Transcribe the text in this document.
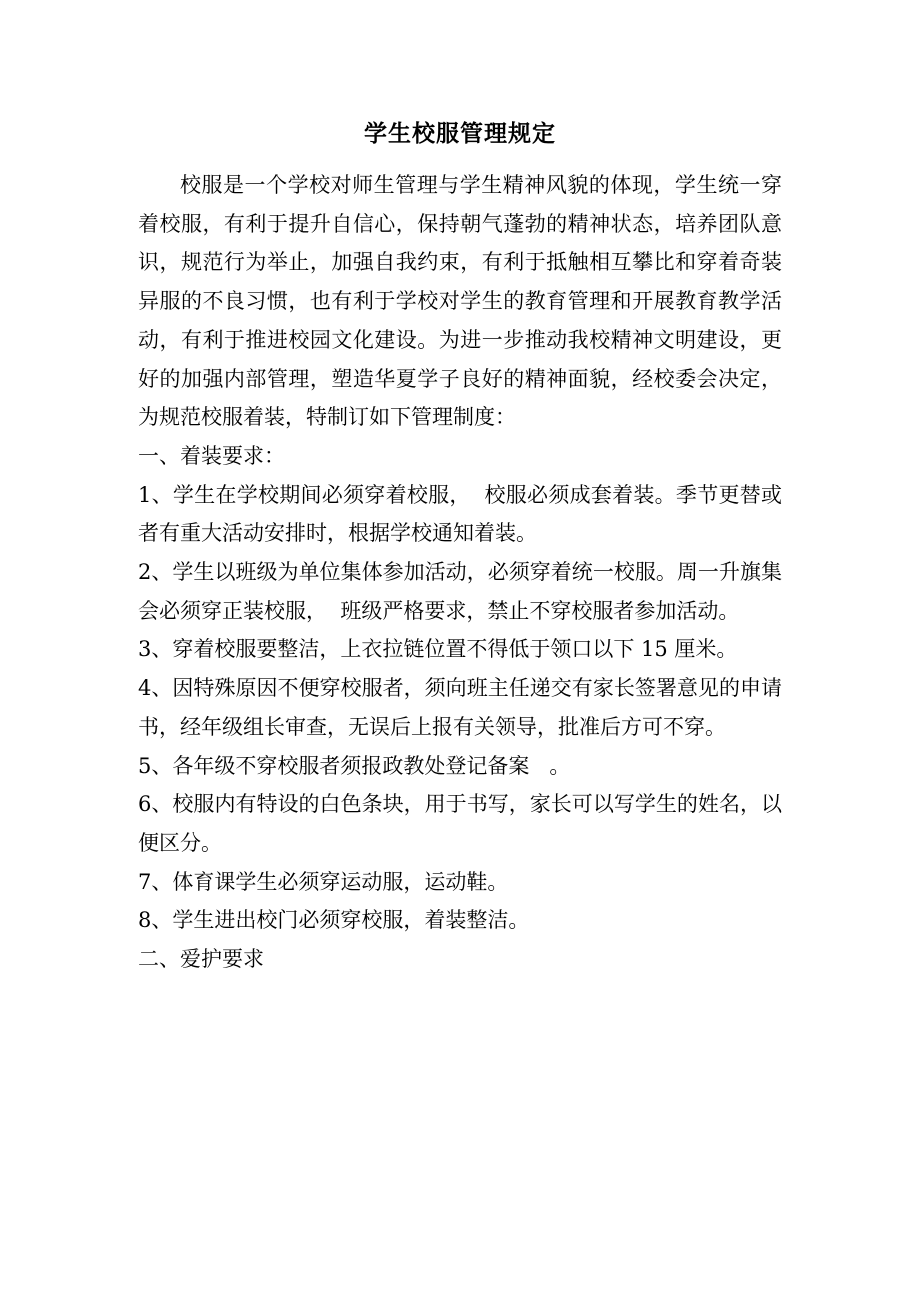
学生校服管理规定

校服是一个学校对师生管理与学生精神风貌的体现，学生统一穿着校服，有利于提升自信心，保持朝气蓬勃的精神状态，培养团队意识，规范行为举止，加强自我约束，有利于抵触相互攀比和穿着奇装异服的不良习惯，也有利于学校对学生的教育管理和开展教育教学活动，有利于推进校园文化建设。为进一步推动我校精神文明建设，更好的加强内部管理，塑造华夏学子良好的精神面貌，经校委会决定，为规范校服着装，特制订如下管理制度：

一、着装要求：

1、学生在学校期间必须穿着校服，  校服必须成套着装。季节更替或者有重大活动安排时，根据学校通知着装。

2、学生以班级为单位集体参加活动，必须穿着统一校服。周一升旗集会必须穿正装校服，  班级严格要求，禁止不穿校服者参加活动。

3、穿着校服要整洁，上衣拉链位置不得低于领口以下 15 厘米。

4、因特殊原因不便穿校服者，须向班主任递交有家长签署意见的申请书，经年级组长审查，无误后上报有关领导，批准后方可不穿。

5、各年级不穿校服者须报政教处登记备案   。

6、校服内有特设的白色条块，用于书写，家长可以写学生的姓名，以便区分。

7、体育课学生必须穿运动服，运动鞋。

8、学生进出校门必须穿校服，着装整洁。

二、爱护要求
